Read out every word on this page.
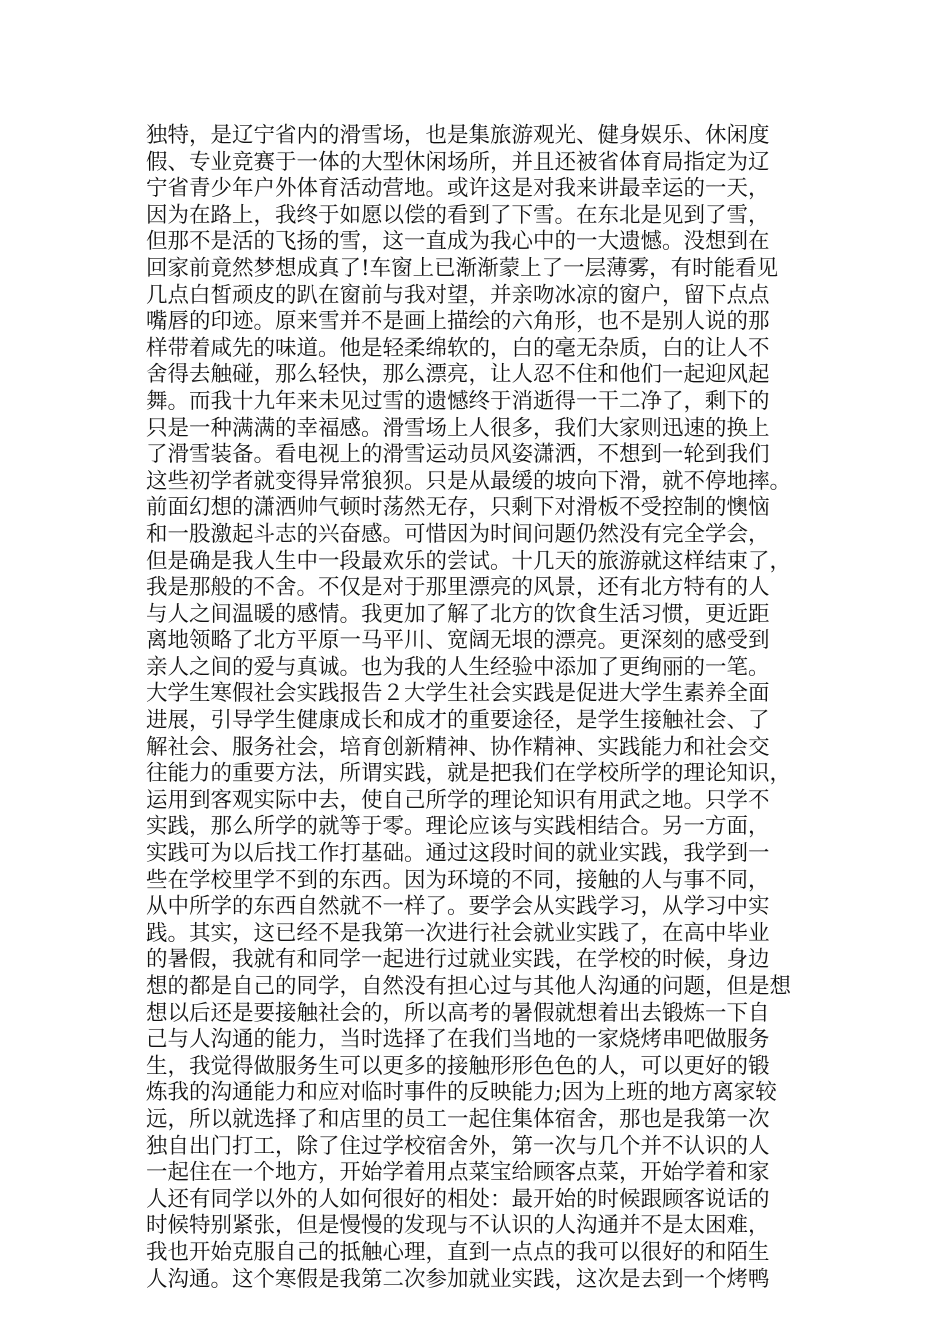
独特，是辽宁省内的滑雪场，也是集旅游观光、健身娱乐、休闲度
假、专业竞赛于一体的大型休闲场所，并且还被省体育局指定为辽
宁省青少年户外体育活动营地。或许这是对我来讲最幸运的一天，
因为在路上，我终于如愿以偿的看到了下雪。在东北是见到了雪，
但那不是活的飞扬的雪，这一直成为我心中的一大遗憾。没想到在
回家前竟然梦想成真了!车窗上已渐渐蒙上了一层薄雾，有时能看见
几点白皙顽皮的趴在窗前与我对望，并亲吻冰凉的窗户，留下点点
嘴唇的印迹。原来雪并不是画上描绘的六角形，也不是别人说的那
样带着咸先的味道。他是轻柔绵软的，白的毫无杂质，白的让人不
舍得去触碰，那么轻快，那么漂亮，让人忍不住和他们一起迎风起
舞。而我十九年来未见过雪的遗憾终于消逝得一干二净了，剩下的
只是一种满满的幸福感。滑雪场上人很多，我们大家则迅速的换上
了滑雪装备。看电视上的滑雪运动员风姿潇洒，不想到一轮到我们
这些初学者就变得异常狼狈。只是从最缓的坡向下滑，就不停地摔。
前面幻想的潇洒帅气顿时荡然无存，只剩下对滑板不受控制的懊恼
和一股激起斗志的兴奋感。可惜因为时间问题仍然没有完全学会，
但是确是我人生中一段最欢乐的尝试。十几天的旅游就这样结束了，
我是那般的不舍。不仅是对于那里漂亮的风景，还有北方特有的人
与人之间温暖的感情。我更加了解了北方的饮食生活习惯，更近距
离地领略了北方平原一马平川、宽阔无垠的漂亮。更深刻的感受到
亲人之间的爱与真诚。也为我的人生经验中添加了更绚丽的一笔。
大学生寒假社会实践报告２大学生社会实践是促进大学生素养全面
进展，引导学生健康成长和成才的重要途径，是学生接触社会、了
解社会、服务社会，培育创新精神、协作精神、实践能力和社会交
往能力的重要方法，所谓实践，就是把我们在学校所学的理论知识，
运用到客观实际中去，使自己所学的理论知识有用武之地。只学不
实践，那么所学的就等于零。理论应该与实践相结合。另一方面，
实践可为以后找工作打基础。通过这段时间的就业实践，我学到一
些在学校里学不到的东西。因为环境的不同，接触的人与事不同，
从中所学的东西自然就不一样了。要学会从实践学习，从学习中实
践。其实，这已经不是我第一次进行社会就业实践了，在高中毕业
的暑假，我就有和同学一起进行过就业实践，在学校的时候，身边
想的都是自己的同学，自然没有担心过与其他人沟通的问题，但是想
想以后还是要接触社会的，所以高考的暑假就想着出去锻炼一下自
己与人沟通的能力，当时选择了在我们当地的一家烧烤串吧做服务
生，我觉得做服务生可以更多的接触形形色色的人，可以更好的锻
炼我的沟通能力和应对临时事件的反映能力;因为上班的地方离家较
远，所以就选择了和店里的员工一起住集体宿舍，那也是我第一次
独自出门打工，除了住过学校宿舍外，第一次与几个并不认识的人
一起住在一个地方，开始学着用点菜宝给顾客点菜，开始学着和家
人还有同学以外的人如何很好的相处：最开始的时候跟顾客说话的
时候特别紧张，但是慢慢的发现与不认识的人沟通并不是太困难，
我也开始克服自己的抵触心理，直到一点点的我可以很好的和陌生
人沟通。这个寒假是我第二次参加就业实践，这次是去到一个烤鸭
